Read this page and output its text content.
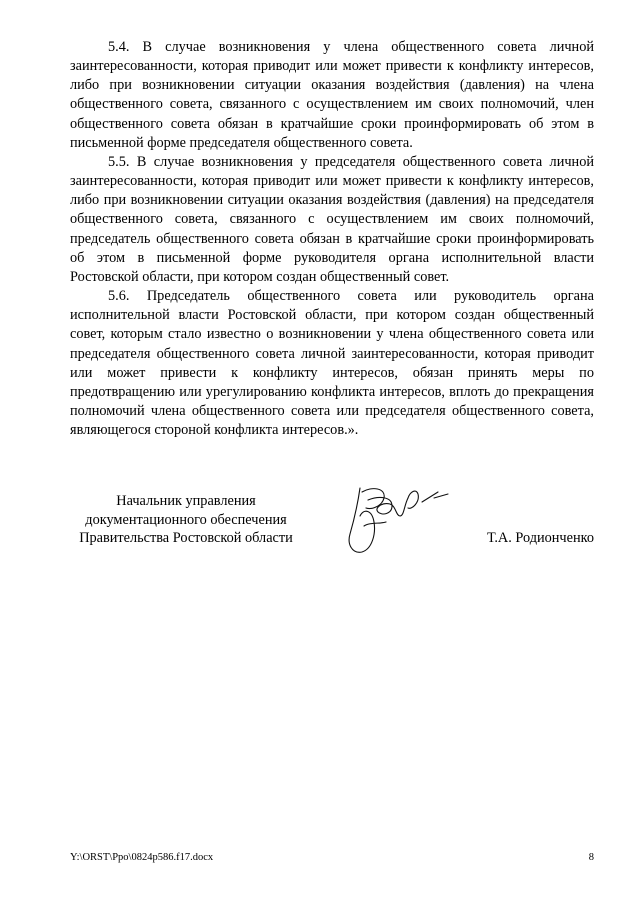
5.4. В случае возникновения у члена общественного совета личной заинтересованности, которая приводит или может привести к конфликту интересов, либо при возникновении ситуации оказания воздействия (давления) на члена общественного совета, связанного с осуществлением им своих полномочий, член общественного совета обязан в кратчайшие сроки проинформировать об этом в письменной форме председателя общественного совета.

5.5. В случае возникновения у председателя общественного совета личной заинтересованности, которая приводит или может привести к конфликту интересов, либо при возникновении ситуации оказания воздействия (давления) на председателя общественного совета, связанного с осуществлением им своих полномочий, председатель общественного совета обязан в кратчайшие сроки проинформировать об этом в письменной форме руководителя органа исполнительной власти Ростовской области, при котором создан общественный совет.

5.6. Председатель общественного совета или руководитель органа исполнительной власти Ростовской области, при котором создан общественный совет, которым стало известно о возникновении у члена общественного совета или председателя общественного совета личной заинтересованности, которая приводит или может привести к конфликту интересов, обязан принять меры по предотвращению или урегулированию конфликта интересов, вплоть до прекращения полномочий члена общественного совета или председателя общественного совета, являющегося стороной конфликта интересов.».

Начальник управления
документационного обеспечения
Правительства Ростовской области	Т.А. Родионченко
Y:\ORST\Ppo\0824p586.f17.docx	8
